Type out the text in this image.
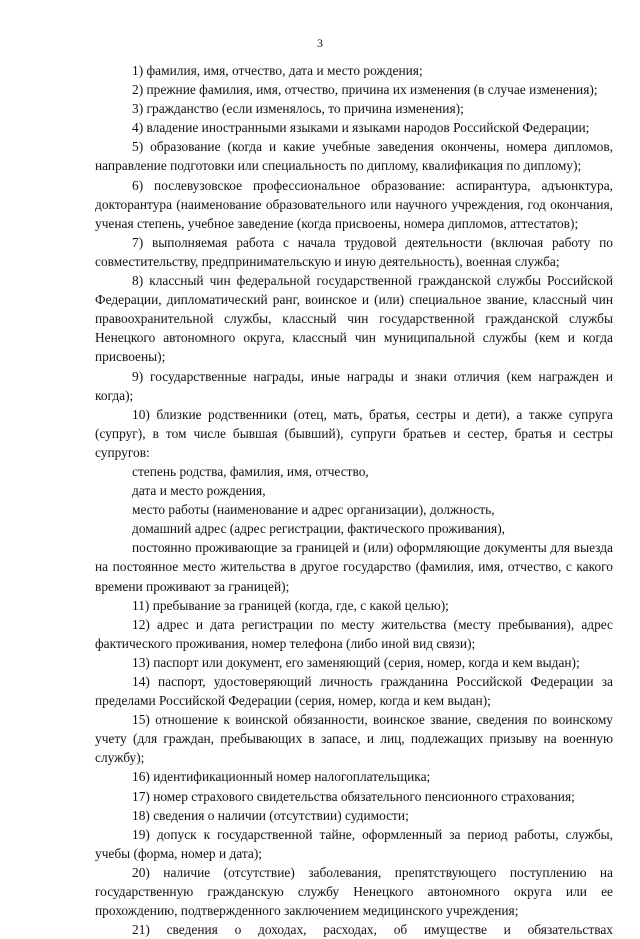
3

1) фамилия, имя, отчество, дата и место рождения;

2) прежние фамилия, имя, отчество, причина их изменения (в случае изменения);

3) гражданство (если изменялось, то причина изменения);

4) владение иностранными языками и языками народов Российской Федерации;

5) образование (когда и какие учебные заведения окончены, номера дипломов, направление подготовки или специальность по диплому, квалификация по диплому);

6) послевузовское профессиональное образование: аспирантура, адъюнктура, докторантура (наименование образовательного или научного учреждения, год окончания, ученая степень, учебное заведение (когда присвоены, номера дипломов, аттестатов);

7) выполняемая работа с начала трудовой деятельности (включая работу по совместительству, предпринимательскую и иную деятельность), военная служба;

8) классный чин федеральной государственной гражданской службы Российской Федерации, дипломатический ранг, воинское и (или) специальное звание, классный чин правоохранительной службы, классный чин государственной гражданской службы Ненецкого автономного округа, классный чин муниципальной службы (кем и когда присвоены);

9) государственные награды, иные награды и знаки отличия (кем награжден и когда);

10) близкие родственники (отец, мать, братья, сестры и дети), а также супруга (супруг), в том числе бывшая (бывший), супруги братьев и сестер, братья и сестры супругов:

степень родства, фамилия, имя, отчество,

дата и место рождения,

место работы (наименование и адрес организации), должность,

домашний адрес (адрес регистрации, фактического проживания),

постоянно проживающие за границей и (или) оформляющие документы для выезда на постоянное место жительства в другое государство (фамилия, имя, отчество, с какого времени проживают за границей);

11) пребывание за границей (когда, где, с какой целью);

12) адрес и дата регистрации по месту жительства (месту пребывания), адрес фактического проживания, номер телефона (либо иной вид связи);

13) паспорт или документ, его заменяющий (серия, номер, когда и кем выдан);

14) паспорт, удостоверяющий личность гражданина Российской Федерации за пределами Российской Федерации (серия, номер, когда и кем выдан);

15) отношение к воинской обязанности, воинское звание, сведения по воинскому учету (для граждан, пребывающих в запасе, и лиц, подлежащих призыву на военную службу);

16) идентификационный номер налогоплательщика;

17) номер страхового свидетельства обязательного пенсионного страхования;

18) сведения о наличии (отсутствии) судимости;

19) допуск к государственной тайне, оформленный за период работы, службы, учебы (форма, номер и дата);

20) наличие (отсутствие) заболевания, препятствующего поступлению на государственную гражданскую службу Ненецкого автономного округа или ее прохождению, подтвержденного заключением медицинского учреждения;

21) сведения о доходах, расходах, об имуществе и обязательствах
